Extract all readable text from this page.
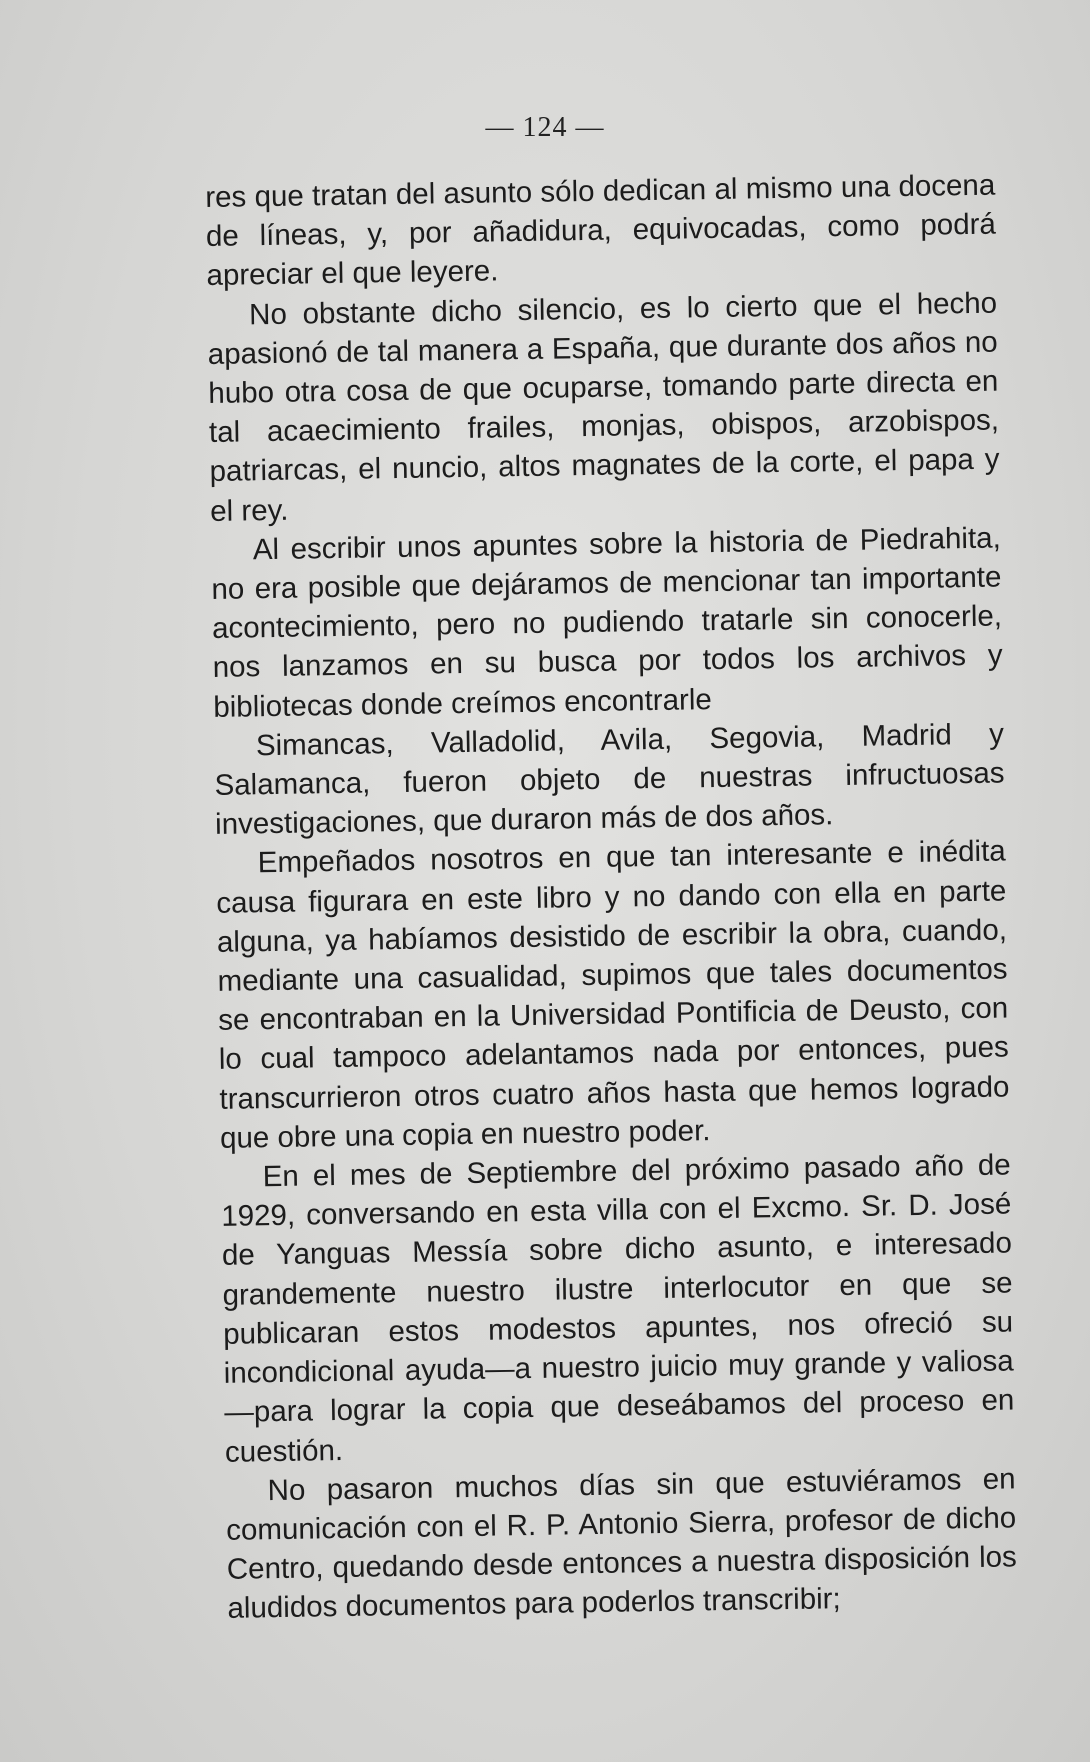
— 124 —

res que tratan del asunto sólo dedican al mismo una docena de líneas, y, por añadidura, equivocadas, como podrá apreciar el que leyere.

No obstante dicho silencio, es lo cierto que el hecho apasionó de tal manera a España, que durante dos años no hubo otra cosa de que ocuparse, tomando parte directa en tal acaecimiento frailes, monjas, obispos, arzobispos, patriarcas, el nuncio, altos magnates de la corte, el papa y el rey.

Al escribir unos apuntes sobre la historia de Piedrahita, no era posible que dejáramos de mencionar tan importante acontecimiento, pero no pudiendo tratarle sin conocerle, nos lanzamos en su busca por todos los archivos y bibliotecas donde creímos encontrarle

Simancas, Valladolid, Avila, Segovia, Madrid y Salamanca, fueron objeto de nuestras infructuosas investigaciones, que duraron más de dos años.

Empeñados nosotros en que tan interesante e inédita causa figurara en este libro y no dando con ella en parte alguna, ya habíamos desistido de escribir la obra, cuando, mediante una casualidad, supimos que tales documentos se encontraban en la Universidad Pontificia de Deusto, con lo cual tampoco adelantamos nada por entonces, pues transcurrieron otros cuatro años hasta que hemos logrado que obre una copia en nuestro poder.

En el mes de Septiembre del próximo pasado año de 1929, conversando en esta villa con el Excmo. Sr. D. José de Yanguas Messía sobre dicho asunto, e interesado grandemente nuestro ilustre interlocutor en que se publicaran estos modestos apuntes, nos ofreció su incondicional ayuda—a nuestro juicio muy grande y valiosa—para lograr la copia que deseábamos del proceso en cuestión.

No pasaron muchos días sin que estuviéramos en comunicación con el R. P. Antonio Sierra, profesor de dicho Centro, quedando desde entonces a nuestra disposición los aludidos documentos para poderlos transcribir;
